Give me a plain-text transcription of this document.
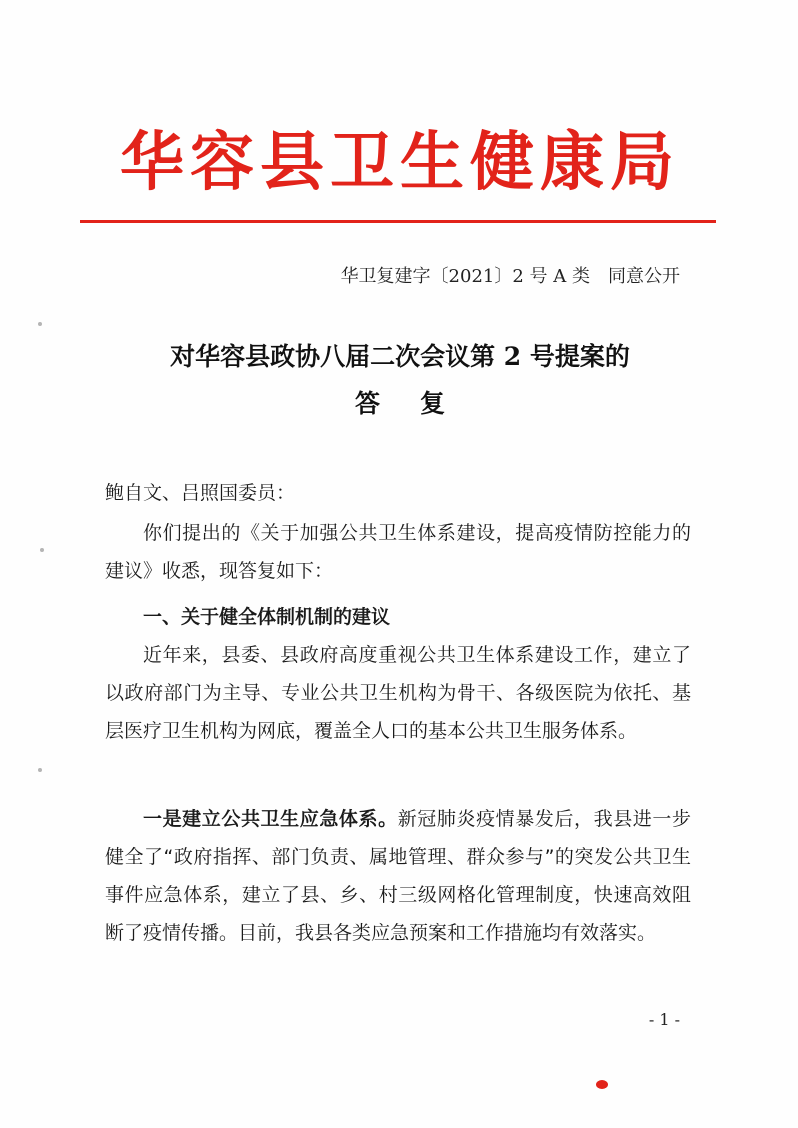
华容县卫生健康局
华卫复建字〔2021〕2 号 A 类　同意公开
对华容县政协八届二次会议第 2 号提案的
答复
鲍自文、吕照国委员：
你们提出的《关于加强公共卫生体系建设，提高疫情防控能力的建议》收悉，现答复如下：
一、关于健全体制机制的建议
近年来，县委、县政府高度重视公共卫生体系建设工作，建立了以政府部门为主导、专业公共卫生机构为骨干、各级医院为依托、基层医疗卫生机构为网底，覆盖全人口的基本公共卫生服务体系。
一是建立公共卫生应急体系。新冠肺炎疫情暴发后，我县进一步健全了“政府指挥、部门负责、属地管理、群众参与”的突发公共卫生事件应急体系，建立了县、乡、村三级网格化管理制度，快速高效阻断了疫情传播。目前，我县各类应急预案和工作措施均有效落实。
- 1 -
